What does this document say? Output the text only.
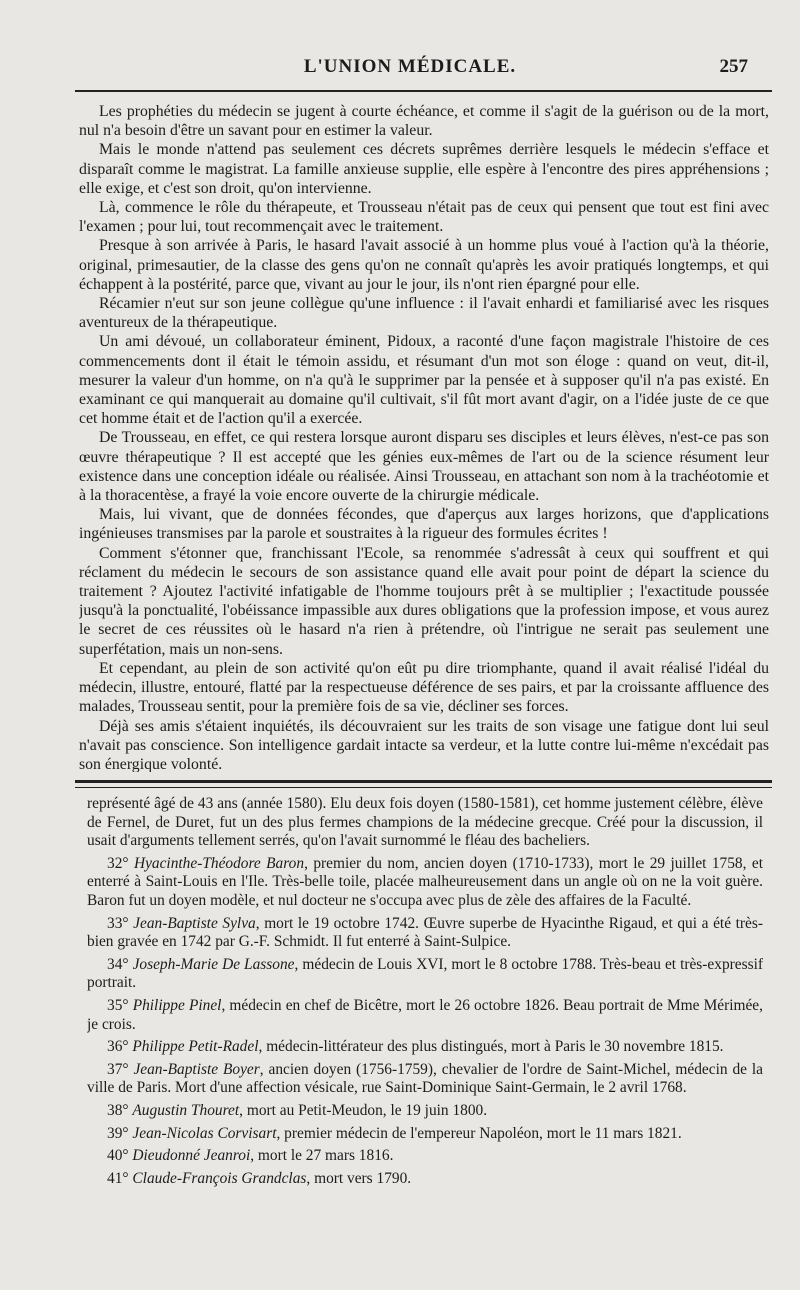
L'UNION MÉDICALE.	257

Les prophéties du médecin se jugent à courte échéance, et comme il s'agit de la guérison ou de la mort, nul n'a besoin d'être un savant pour en estimer la valeur.

Mais le monde n'attend pas seulement ces décrets suprêmes derrière lesquels le médecin s'efface et disparaît comme le magistrat. La famille anxieuse supplie, elle espère à l'encontre des pires appréhensions ; elle exige, et c'est son droit, qu'on intervienne.

Là, commence le rôle du thérapeute, et Trousseau n'était pas de ceux qui pensent que tout est fini avec l'examen ; pour lui, tout recommençait avec le traitement.

Presque à son arrivée à Paris, le hasard l'avait associé à un homme plus voué à l'action qu'à la théorie, original, primesautier, de la classe des gens qu'on ne connaît qu'après les avoir pratiqués longtemps, et qui échappent à la postérité, parce que, vivant au jour le jour, ils n'ont rien épargné pour elle.

Récamier n'eut sur son jeune collègue qu'une influence : il l'avait enhardi et familiarisé avec les risques aventureux de la thérapeutique.

Un ami dévoué, un collaborateur éminent, Pidoux, a raconté d'une façon magistrale l'histoire de ces commencements dont il était le témoin assidu, et résumant d'un mot son éloge : quand on veut, dit-il, mesurer la valeur d'un homme, on n'a qu'à le supprimer par la pensée et à supposer qu'il n'a pas existé. En examinant ce qui manquerait au domaine qu'il cultivait, s'il fût mort avant d'agir, on a l'idée juste de ce que cet homme était et de l'action qu'il a exercée.

De Trousseau, en effet, ce qui restera lorsque auront disparu ses disciples et leurs élèves, n'est-ce pas son œuvre thérapeutique ? Il est accepté que les génies eux-mêmes de l'art ou de la science résument leur existence dans une conception idéale ou réalisée. Ainsi Trousseau, en attachant son nom à la trachéotomie et à la thoracentèse, a frayé la voie encore ouverte de la chirurgie médicale.

Mais, lui vivant, que de données fécondes, que d'aperçus aux larges horizons, que d'applications ingénieuses transmises par la parole et soustraites à la rigueur des formules écrites !

Comment s'étonner que, franchissant l'Ecole, sa renommée s'adressât à ceux qui souffrent et qui réclament du médecin le secours de son assistance quand elle avait pour point de départ la science du traitement ? Ajoutez l'activité infatigable de l'homme toujours prêt à se multiplier ; l'exactitude poussée jusqu'à la ponctualité, l'obéissance impassible aux dures obligations que la profession impose, et vous aurez le secret de ces réussites où le hasard n'a rien à prétendre, où l'intrigue ne serait pas seulement une superfétation, mais un non-sens.

Et cependant, au plein de son activité qu'on eût pu dire triomphante, quand il avait réalisé l'idéal du médecin, illustre, entouré, flatté par la respectueuse déférence de ses pairs, et par la croissante affluence des malades, Trousseau sentit, pour la première fois de sa vie, décliner ses forces.

Déjà ses amis s'étaient inquiétés, ils découvraient sur les traits de son visage une fatigue dont lui seul n'avait pas conscience. Son intelligence gardait intacte sa verdeur, et la lutte contre lui-même n'excédait pas son énergique volonté.

représenté âgé de 43 ans (année 1580). Elu deux fois doyen (1580-1581), cet homme justement célèbre, élève de Fernel, de Duret, fut un des plus fermes champions de la médecine grecque. Créé pour la discussion, il usait d'arguments tellement serrés, qu'on l'avait surnommé le fléau des bacheliers.

32° Hyacinthe-Théodore Baron, premier du nom, ancien doyen (1710-1733), mort le 29 juillet 1758, et enterré à Saint-Louis en l'Ile. Très-belle toile, placée malheureusement dans un angle où on ne la voit guère. Baron fut un doyen modèle, et nul docteur ne s'occupa avec plus de zèle des affaires de la Faculté.

33° Jean-Baptiste Sylva, mort le 19 octobre 1742. Œuvre superbe de Hyacinthe Rigaud, et qui a été très-bien gravée en 1742 par G.-F. Schmidt. Il fut enterré à Saint-Sulpice.

34° Joseph-Marie De Lassone, médecin de Louis XVI, mort le 8 octobre 1788. Très-beau et très-expressif portrait.

35° Philippe Pinel, médecin en chef de Bicêtre, mort le 26 octobre 1826. Beau portrait de Mme Mérimée, je crois.

36° Philippe Petit-Radel, médecin-littérateur des plus distingués, mort à Paris le 30 novembre 1815.

37° Jean-Baptiste Boyer, ancien doyen (1756-1759), chevalier de l'ordre de Saint-Michel, médecin de la ville de Paris. Mort d'une affection vésicale, rue Saint-Dominique Saint-Germain, le 2 avril 1768.

38° Augustin Thouret, mort au Petit-Meudon, le 19 juin 1800.

39° Jean-Nicolas Corvisart, premier médecin de l'empereur Napoléon, mort le 11 mars 1821.

40° Dieudonné Jeanroi, mort le 27 mars 1816.

41° Claude-François Grandclas, mort vers 1790.
